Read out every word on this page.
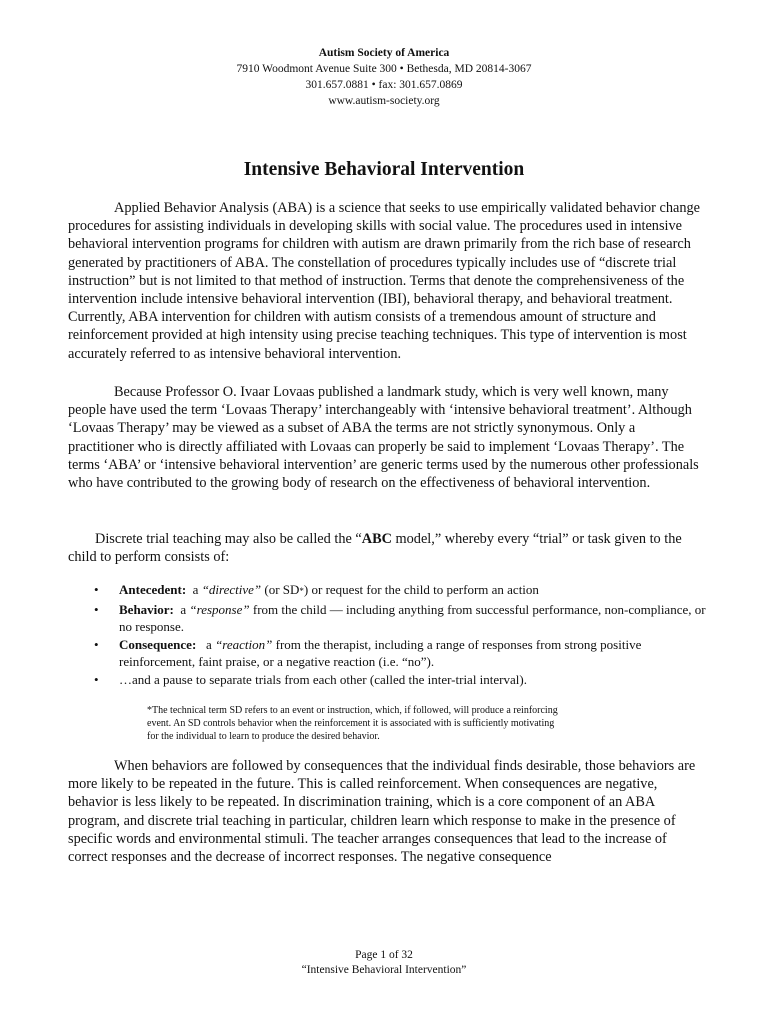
Autism Society of America
7910 Woodmont Avenue Suite 300 • Bethesda, MD 20814-3067
301.657.0881 • fax: 301.657.0869
www.autism-society.org
Intensive Behavioral Intervention

Applied Behavior Analysis (ABA) is a science that seeks to use empirically validated behavior change procedures for assisting individuals in developing skills with social value. The procedures used in intensive behavioral intervention programs for children with autism are drawn primarily from the rich base of research generated by practitioners of ABA. The constellation of procedures typically includes use of “discrete trial instruction” but is not limited to that method of instruction. Terms that denote the comprehensiveness of the intervention include intensive behavioral intervention (IBI), behavioral therapy, and behavioral treatment. Currently, ABA intervention for children with autism consists of a tremendous amount of structure and reinforcement provided at high intensity using precise teaching techniques. This type of intervention is most accurately referred to as intensive behavioral intervention.

Because Professor O. Ivaar Lovaas published a landmark study, which is very well known, many people have used the term ‘Lovaas Therapy’ interchangeably with ‘intensive behavioral treatment’. Although ‘Lovaas Therapy’ may be viewed as a subset of ABA the terms are not strictly synonymous. Only a practitioner who is directly affiliated with Lovaas can properly be said to implement ‘Lovaas Therapy’. The terms ‘ABA’ or ‘intensive behavioral intervention’ are generic terms used by the numerous other professionals who have contributed to the growing body of research on the effectiveness of behavioral intervention.

Discrete trial teaching may also be called the “ABC model,” whereby every “trial” or task given to the child to perform consists of:

• Antecedent: a “directive” (or SD*) or request for the child to perform an action
• Behavior: a “response” from the child — including anything from successful performance, non-compliance, or no response.
• Consequence: a “reaction” from the therapist, including a range of responses from strong positive reinforcement, faint praise, or a negative reaction (i.e. “no”).
• …and a pause to separate trials from each other (called the inter-trial interval).

*The technical term SD refers to an event or instruction, which, if followed, will produce a reinforcing event. An SD controls behavior when the reinforcement it is associated with is sufficiently motivating for the individual to learn to produce the desired behavior.

When behaviors are followed by consequences that the individual finds desirable, those behaviors are more likely to be repeated in the future. This is called reinforcement. When consequences are negative, behavior is less likely to be repeated. In discrimination training, which is a core component of an ABA program, and discrete trial teaching in particular, children learn which response to make in the presence of specific words and environmental stimuli. The teacher arranges consequences that lead to the increase of correct responses and the decrease of incorrect responses. The negative consequence

Page 1 of 32
“Intensive Behavioral Intervention”
